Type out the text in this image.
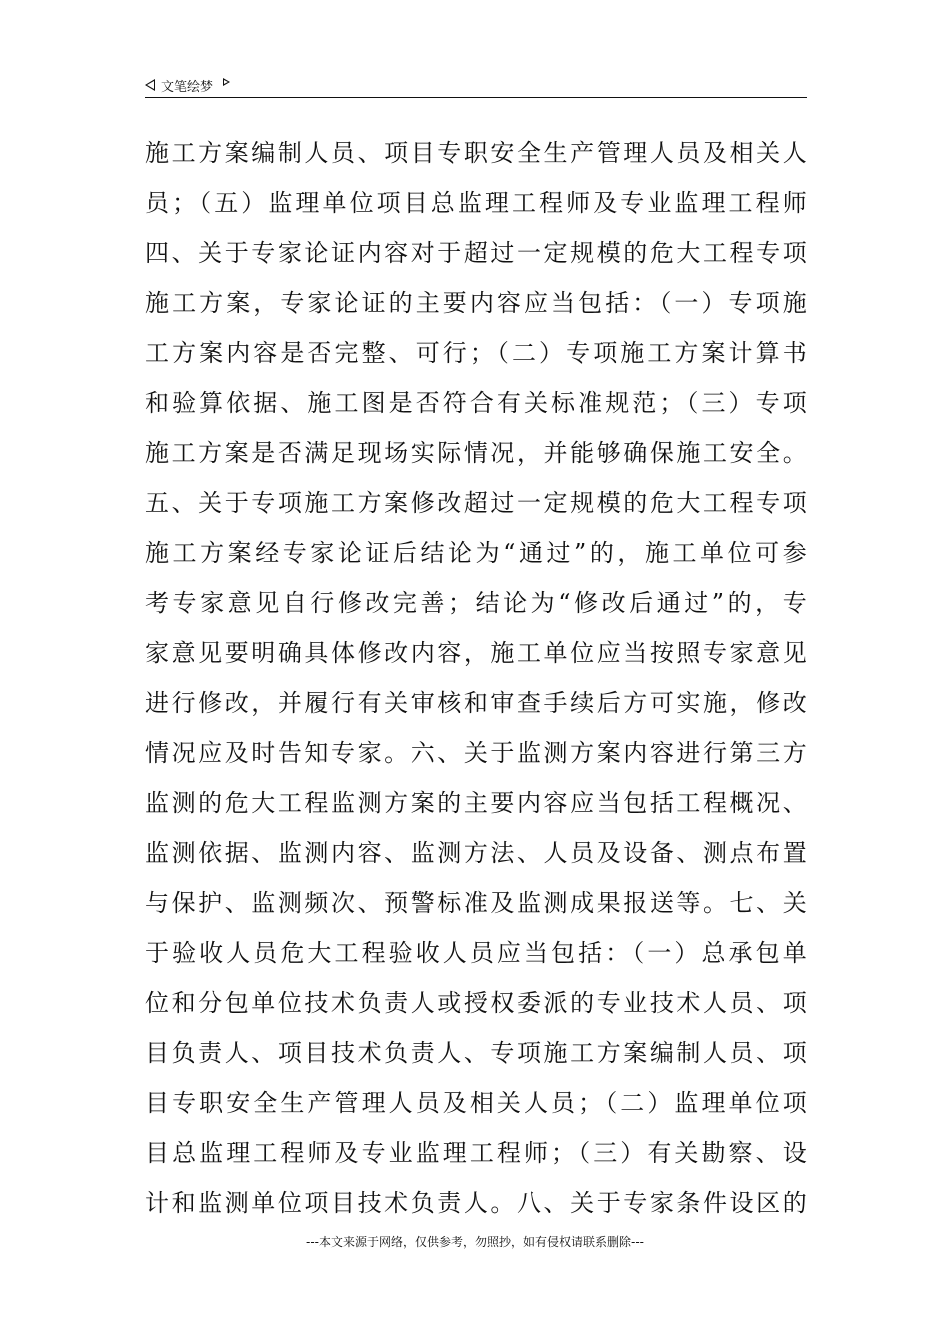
文笔绘梦
施工方案编制人员、项目专职安全生产管理人员及相关人
员；（五）监理单位项目总监理工程师及专业监理工程师
四、关于专家论证内容对于超过一定规模的危大工程专项
施工方案，专家论证的主要内容应当包括：（一）专项施
工方案内容是否完整、可行；（二）专项施工方案计算书
和验算依据、施工图是否符合有关标准规范；（三）专项
施工方案是否满足现场实际情况，并能够确保施工安全。
五、关于专项施工方案修改超过一定规模的危大工程专项
施工方案经专家论证后结论为“通过”的，施工单位可参
考专家意见自行修改完善；结论为“修改后通过”的，专
家意见要明确具体修改内容，施工单位应当按照专家意见
进行修改，并履行有关审核和审查手续后方可实施，修改
情况应及时告知专家。六、关于监测方案内容进行第三方
监测的危大工程监测方案的主要内容应当包括工程概况、
监测依据、监测内容、监测方法、人员及设备、测点布置
与保护、监测频次、预警标准及监测成果报送等。七、关
于验收人员危大工程验收人员应当包括：（一）总承包单
位和分包单位技术负责人或授权委派的专业技术人员、项
目负责人、项目技术负责人、专项施工方案编制人员、项
目专职安全生产管理人员及相关人员；（二）监理单位项
目总监理工程师及专业监理工程师；（三）有关勘察、设
计和监测单位项目技术负责人。八、关于专家条件设区的
---本文来源于网络，仅供参考，勿照抄，如有侵权请联系删除---
